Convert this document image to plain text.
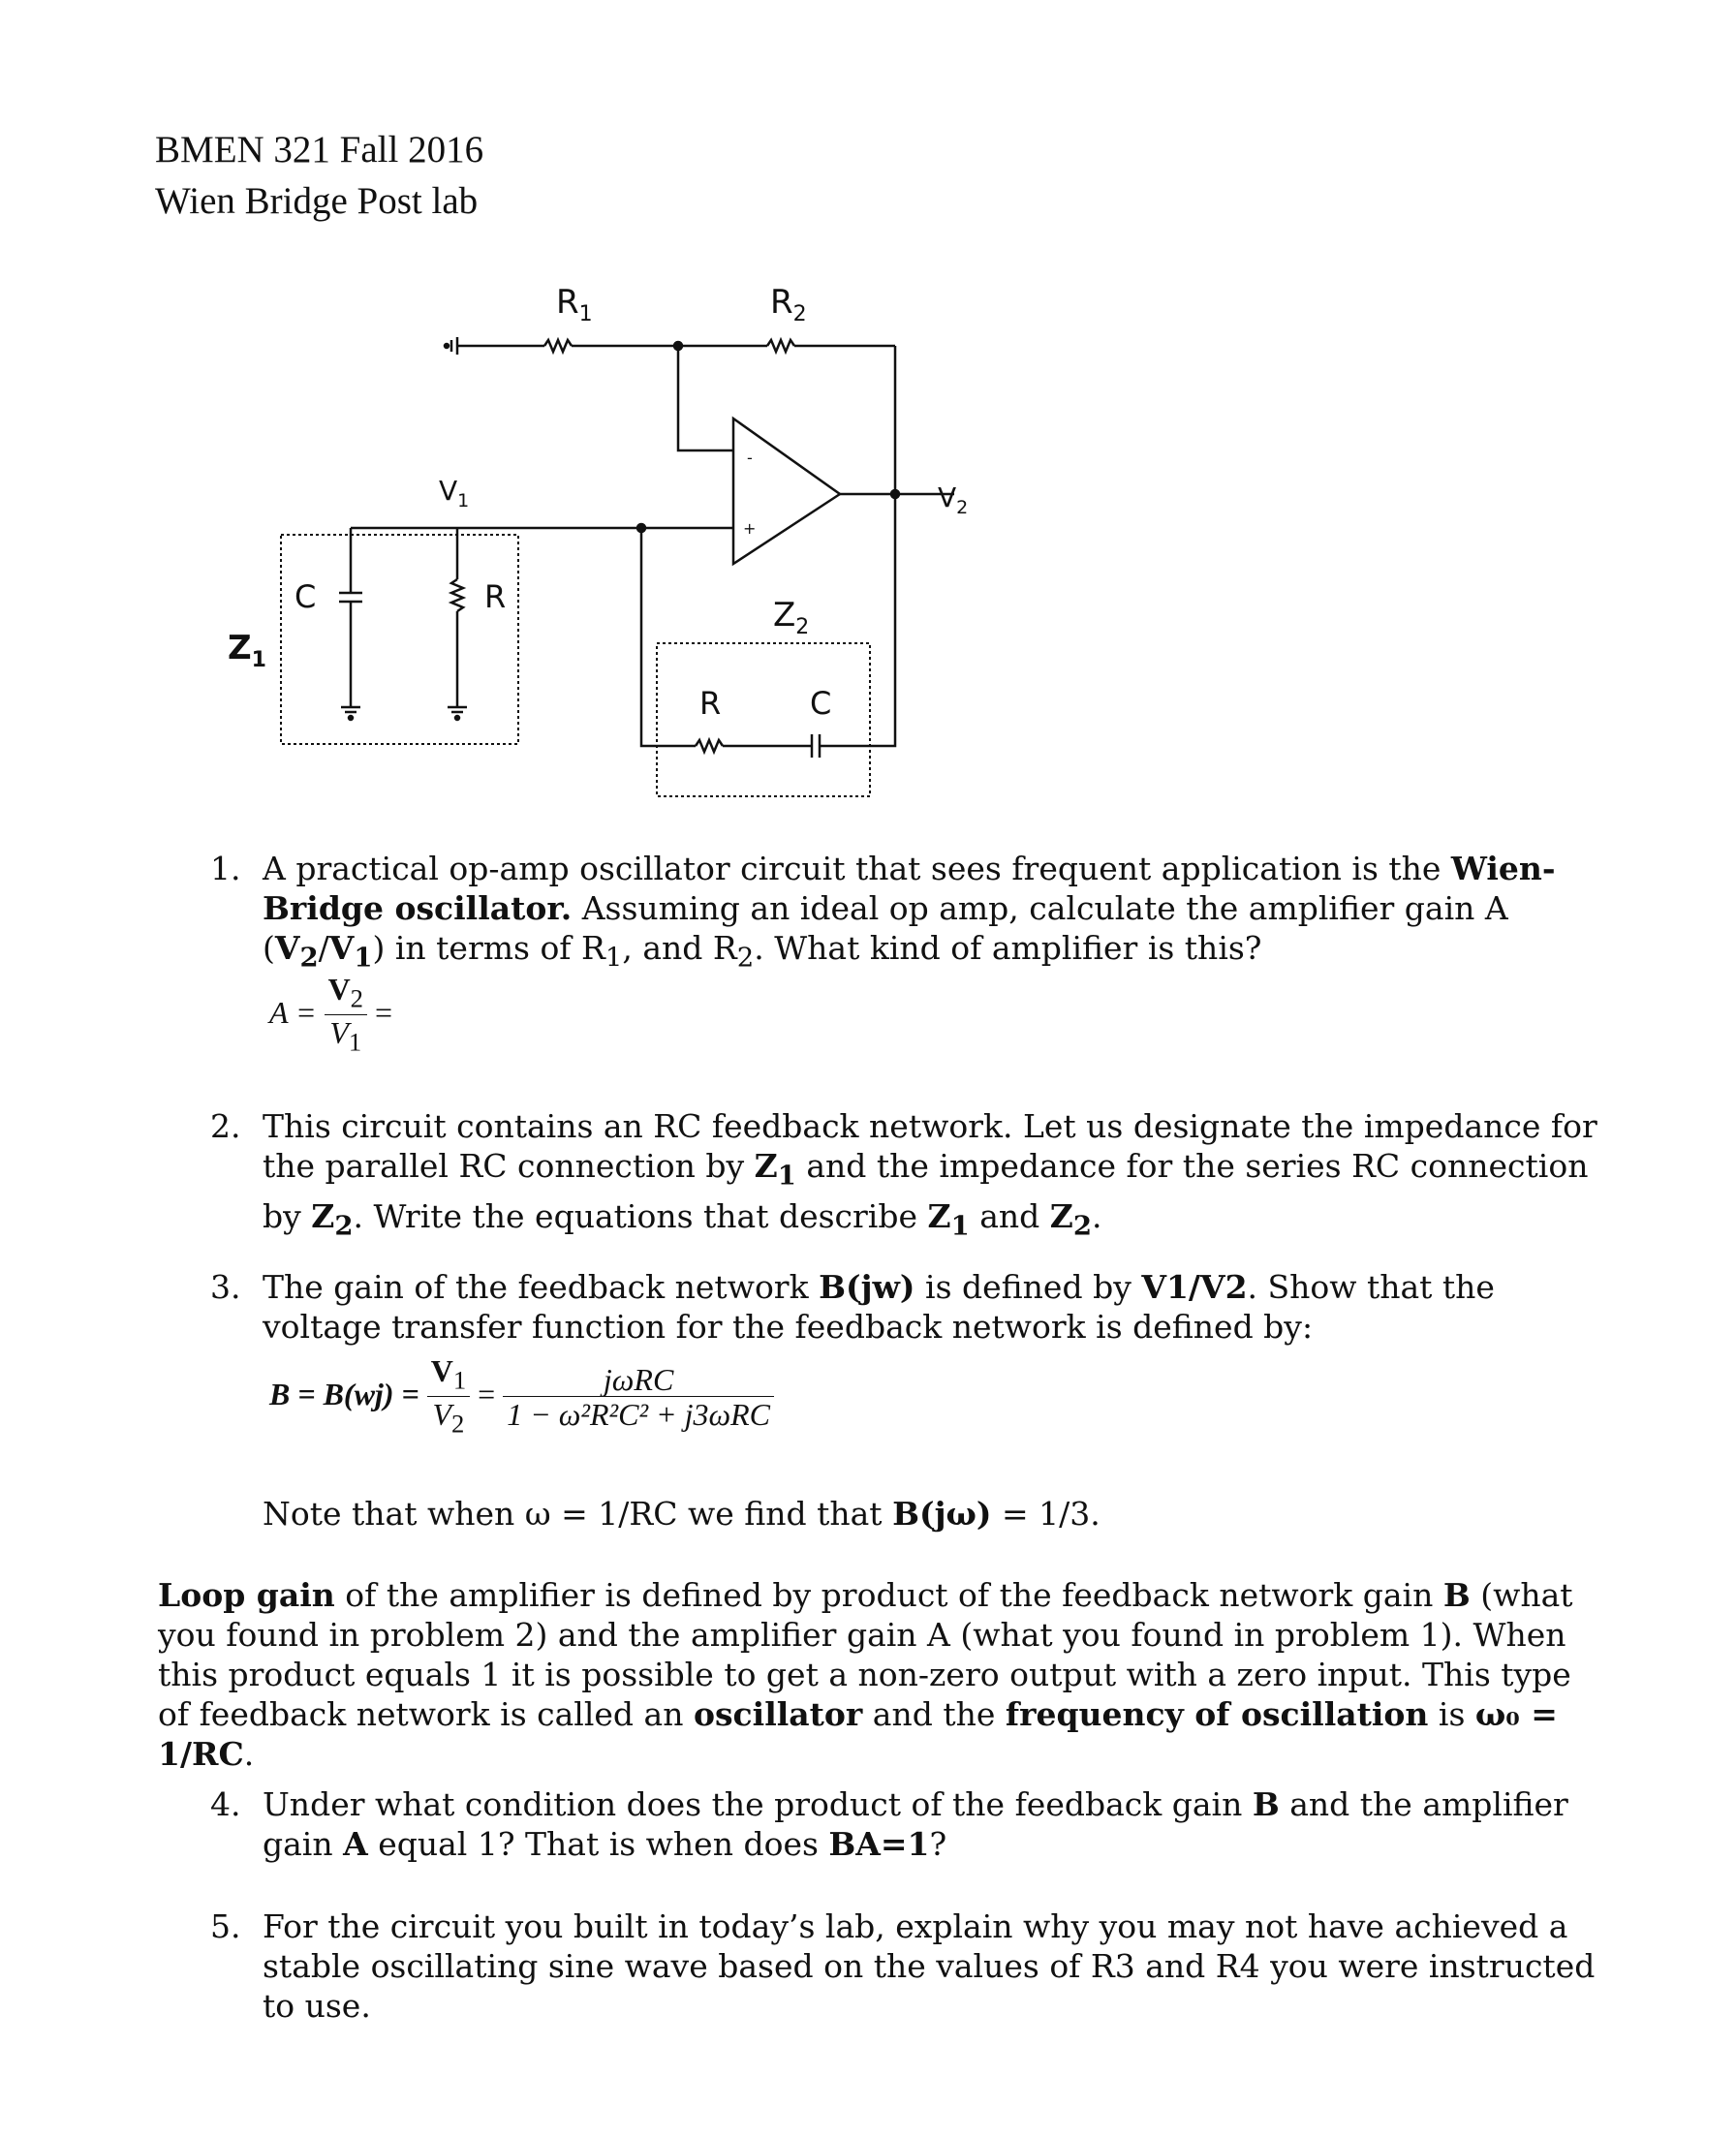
BMEN 321 Fall 2016
Wien Bridge Post lab
$R_1$	$R_2$
$V_1$	$V_2$
$Z_1$
$Z_2$
C	R
R	C
-
+
1. A practical op-amp oscillator circuit that sees frequent application is the Wien-Bridge oscillator. Assuming an ideal op amp, calculate the amplifier gain A $(V_2/V_1)$ in terms of $R_1$, and $R_2$. What kind of amplifier is this?

$A = \frac{V_2}{V_1}$ =
2. This circuit contains an RC feedback network. Let us designate the impedance for the parallel RC connection by $Z_1$ and the impedance for the series RC connection by $Z_2$. Write the equations that describe $Z_1$ and $Z_2$.

3. The gain of the feedback network B(jw) is defined by V1/V2. Show that the voltage transfer function for the feedback network is defined by:

$B = B(wj) = \frac{V_1}{V_2} = \frac{\text{jωRC}}{\text{1 − ω²R²C² + j3ωRC}}$

Note that when ω = 1/RC we find that B(jω) = 1/3.

Loop gain of the amplifier is defined by product of the feedback network gain B (what you found in problem 2) and the amplifier gain A (what you found in problem 1). When this product equals 1 it is possible to get a non-zero output with a zero input. This type of feedback network is called an oscillator and the frequency of oscillation is ω₀ = 1/RC.
4. Under what condition does the product of the feedback gain B and the amplifier gain A equal 1? That is when does BA=1?

5. For the circuit you built in today’s lab, explain why you may not have achieved a stable oscillating sine wave based on the values of R3 and R4 you were instructed to use.
